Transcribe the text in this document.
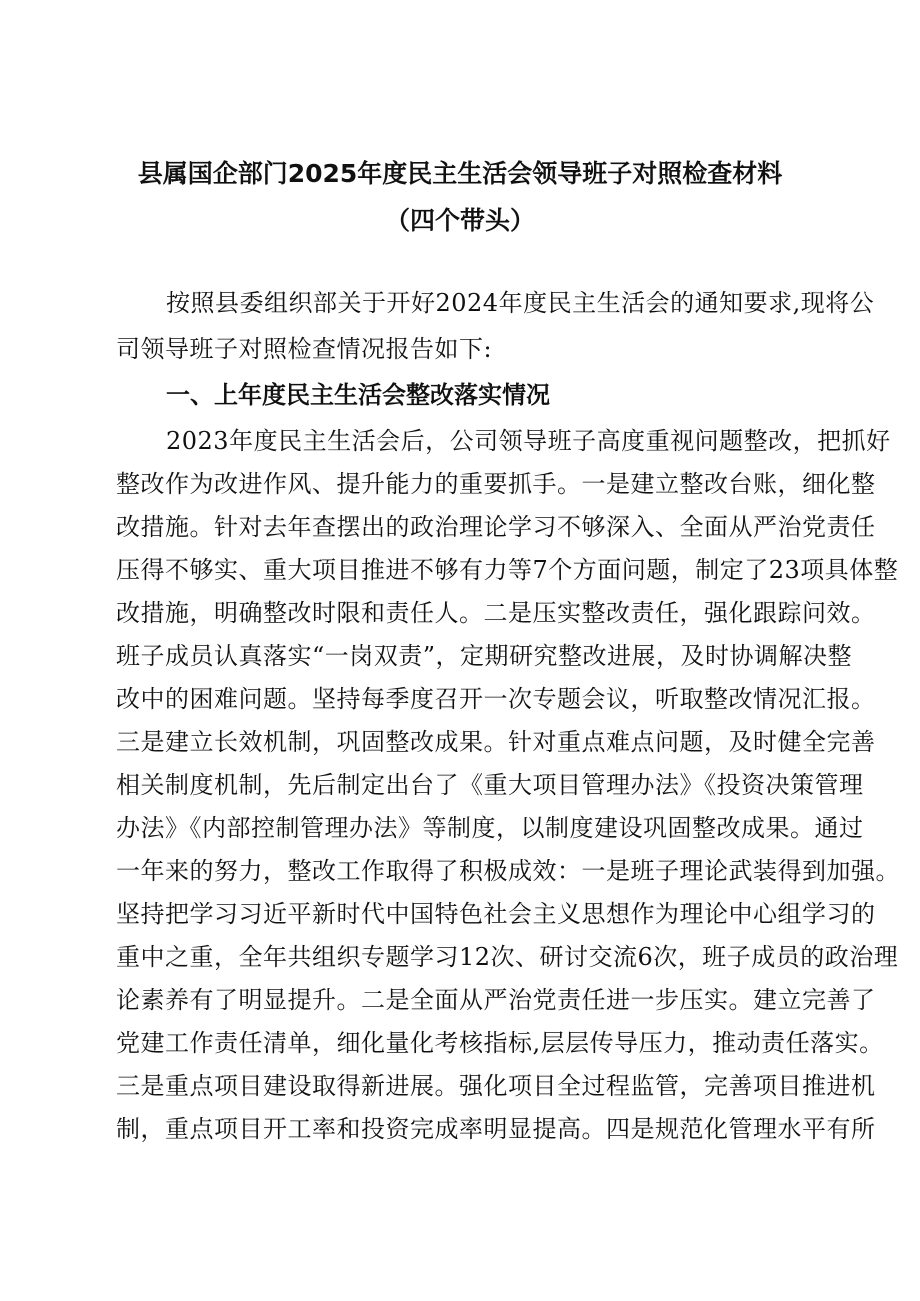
县属国企部门2025年度民主生活会领导班子对照检查材料
（四个带头）
按照县委组织部关于开好2024年度民主生活会的通知要求,现将公
司领导班子对照检查情况报告如下:
一、上年度民主生活会整改落实情况
2023年度民主生活会后，公司领导班子高度重视问题整改，把抓好
整改作为改进作风、提升能力的重要抓手。一是建立整改台账，细化整
改措施。针对去年查摆出的政治理论学习不够深入、全面从严治党责任
压得不够实、重大项目推进不够有力等7个方面问题，制定了23项具体整
改措施，明确整改时限和责任人。二是压实整改责任，强化跟踪问效。
班子成员认真落实“一岗双责”，定期研究整改进展，及时协调解决整
改中的困难问题。坚持每季度召开一次专题会议，听取整改情况汇报。
三是建立长效机制，巩固整改成果。针对重点难点问题，及时健全完善
相关制度机制，先后制定出台了《重大项目管理办法》《投资决策管理
办法》《内部控制管理办法》等制度，以制度建设巩固整改成果。通过
一年来的努力，整改工作取得了积极成效：一是班子理论武装得到加强。
坚持把学习习近平新时代中国特色社会主义思想作为理论中心组学习的
重中之重，全年共组织专题学习12次、研讨交流6次，班子成员的政治理
论素养有了明显提升。二是全面从严治党责任进一步压实。建立完善了
党建工作责任清单，细化量化考核指标,层层传导压力，推动责任落实。
三是重点项目建设取得新进展。强化项目全过程监管，完善项目推进机
制，重点项目开工率和投资完成率明显提高。四是规范化管理水平有所
